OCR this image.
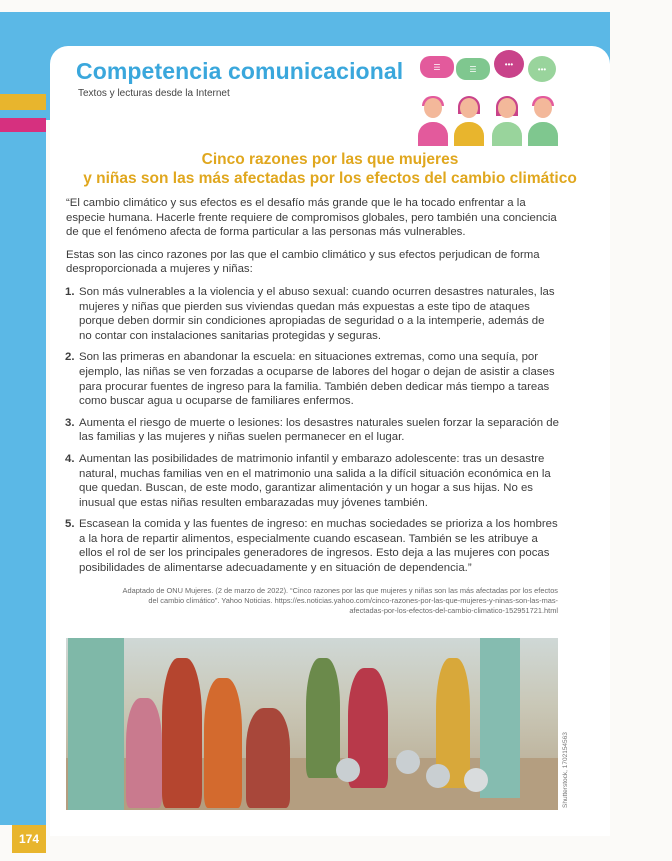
Competencia comunicacional
Textos y lecturas desde la Internet
☰	☰
•••
•••
Cinco razones por las que mujeres
y niñas son las más afectadas por los efectos del cambio climático

“El cambio climático y sus efectos es el desafío más grande que le ha tocado enfrentar a la especie humana. Hacerle frente requiere de compromisos globales, pero también una conciencia de que el fenómeno afecta de forma particular a las personas más vulnerables.

Estas son las cinco razones por las que el cambio climático y sus efectos perjudican de forma desproporcionada a mujeres y niñas:

1. Son más vulnerables a la violencia y el abuso sexual: cuando ocurren desastres naturales, las mujeres y niñas que pierden sus viviendas quedan más expuestas a este tipo de ataques porque deben dormir sin condiciones apropiadas de seguridad o a la intemperie, además de no contar con instalaciones sanitarias protegidas y seguras.
2. Son las primeras en abandonar la escuela: en situaciones extremas, como una sequía, por ejemplo, las niñas se ven forzadas a ocuparse de labores del hogar o dejan de asistir a clases para procurar fuentes de ingreso para la familia. También deben dedicar más tiempo a tareas como buscar agua u ocuparse de familiares enfermos.
3. Aumenta el riesgo de muerte o lesiones: los desastres naturales suelen forzar la separación de las familias y las mujeres y niñas suelen permanecer en el lugar.
4. Aumentan las posibilidades de matrimonio infantil y embarazo adolescente: tras un desastre natural, muchas familias ven en el matrimonio una salida a la difícil situación económica en la que quedan. Buscan, de este modo, garantizar alimentación y un hogar a sus hijas. No es inusual que estas niñas resulten embarazadas muy jóvenes también.
5. Escasean la comida y las fuentes de ingreso: en muchas sociedades se prioriza a los hombres a la hora de repartir alimentos, especialmente cuando escasean. También se les atribuye a ellos el rol de ser los principales generadores de ingresos. Esto deja a las mujeres con pocas posibilidades de alimentarse adecuadamente y en situación de dependencia.”
Adaptado de ONU Mujeres. (2 de marzo de 2022). “Cinco razones por las que mujeres y niñas son las más afectadas por los efectos del cambio climático”. Yahoo Noticias. https://es.noticias.yahoo.com/cinco-razones-por-las-que-mujeres-y-ninas-son-las-mas-afectadas-por-los-efectos-del-cambio-climatico-152951721.html
Shutterstock, 1702154563
174
